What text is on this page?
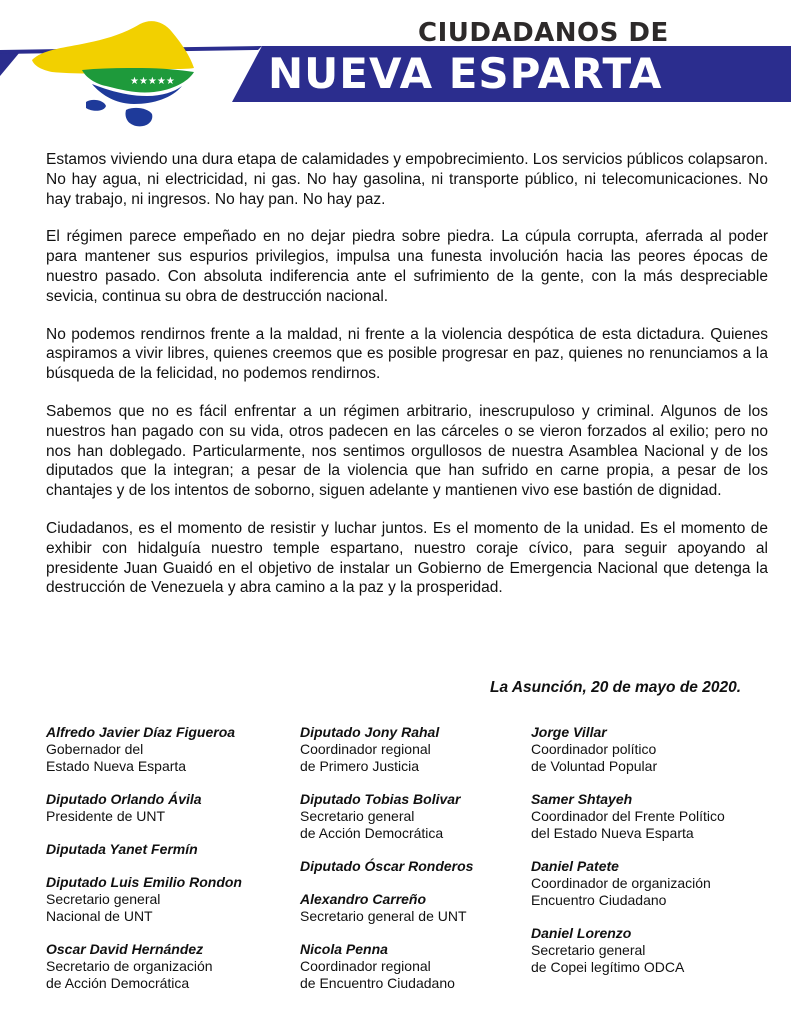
★★★★★
CIUDADANOS DE
NUEVA ESPARTA

Estamos viviendo una dura etapa de calamidades y empobrecimiento. Los servicios públicos colapsaron. No hay agua, ni electricidad, ni gas. No hay gasolina, ni transporte público, ni telecomunicaciones. No hay trabajo, ni ingresos. No hay pan. No hay paz.

El régimen parece empeñado en no dejar piedra sobre piedra. La cúpula corrupta, aferrada al poder para mantener sus espurios privilegios, impulsa una funesta involución hacia las peores épocas de nuestro pasado. Con absoluta indiferencia ante el sufrimiento de la gente, con la más despreciable sevicia, continua su obra de destrucción nacional.

No podemos rendirnos frente a la maldad, ni frente a la violencia despótica de esta dictadura. Quienes aspiramos a vivir libres, quienes creemos que es posible progresar en paz, quienes no renunciamos a la búsqueda de la felicidad, no podemos rendirnos.

Sabemos que no es fácil enfrentar a un régimen arbitrario, inescrupuloso y criminal. Algunos de los nuestros han pagado con su vida, otros padecen en las cárceles o se vieron forzados al exilio; pero no nos han doblegado. Particularmente, nos sentimos orgullosos de nuestra Asamblea Nacional y de los diputados que la integran; a pesar de la violencia que han sufrido en carne propia, a pesar de los chantajes y de los intentos de soborno, siguen adelante y mantienen vivo ese bastión de dignidad.

Ciudadanos, es el momento de resistir y luchar juntos. Es el momento de la unidad. Es el momento de exhibir con hidalguía nuestro temple espartano, nuestro coraje cívico, para seguir apoyando al presidente Juan Guaidó en el objetivo de instalar un Gobierno de Emergencia Nacional que detenga la destrucción de Venezuela y abra camino a la paz y la prosperidad.

La Asunción, 20 de mayo de 2020.
Alfredo Javier Díaz Figueroa
Gobernador del
Estado Nueva Esparta
Diputado Orlando Ávila
Presidente de UNT
Diputada Yanet Fermín
Diputado Luis Emilio Rondon
Secretario general
Nacional de UNT
Oscar David Hernández
Secretario de organización
de Acción Democrática
Diputado Jony Rahal
Coordinador regional
de Primero Justicia
Diputado Tobias Bolivar
Secretario general
de Acción Democrática
Diputado Óscar Ronderos
Alexandro Carreño
Secretario general de UNT
Nicola Penna
Coordinador regional
de Encuentro Ciudadano
Jorge Villar
Coordinador político
de Voluntad Popular
Samer Shtayeh
Coordinador del Frente Político
del Estado Nueva Esparta
Daniel Patete
Coordinador de organización
Encuentro Ciudadano
Daniel Lorenzo
Secretario general
de Copei legítimo ODCA
